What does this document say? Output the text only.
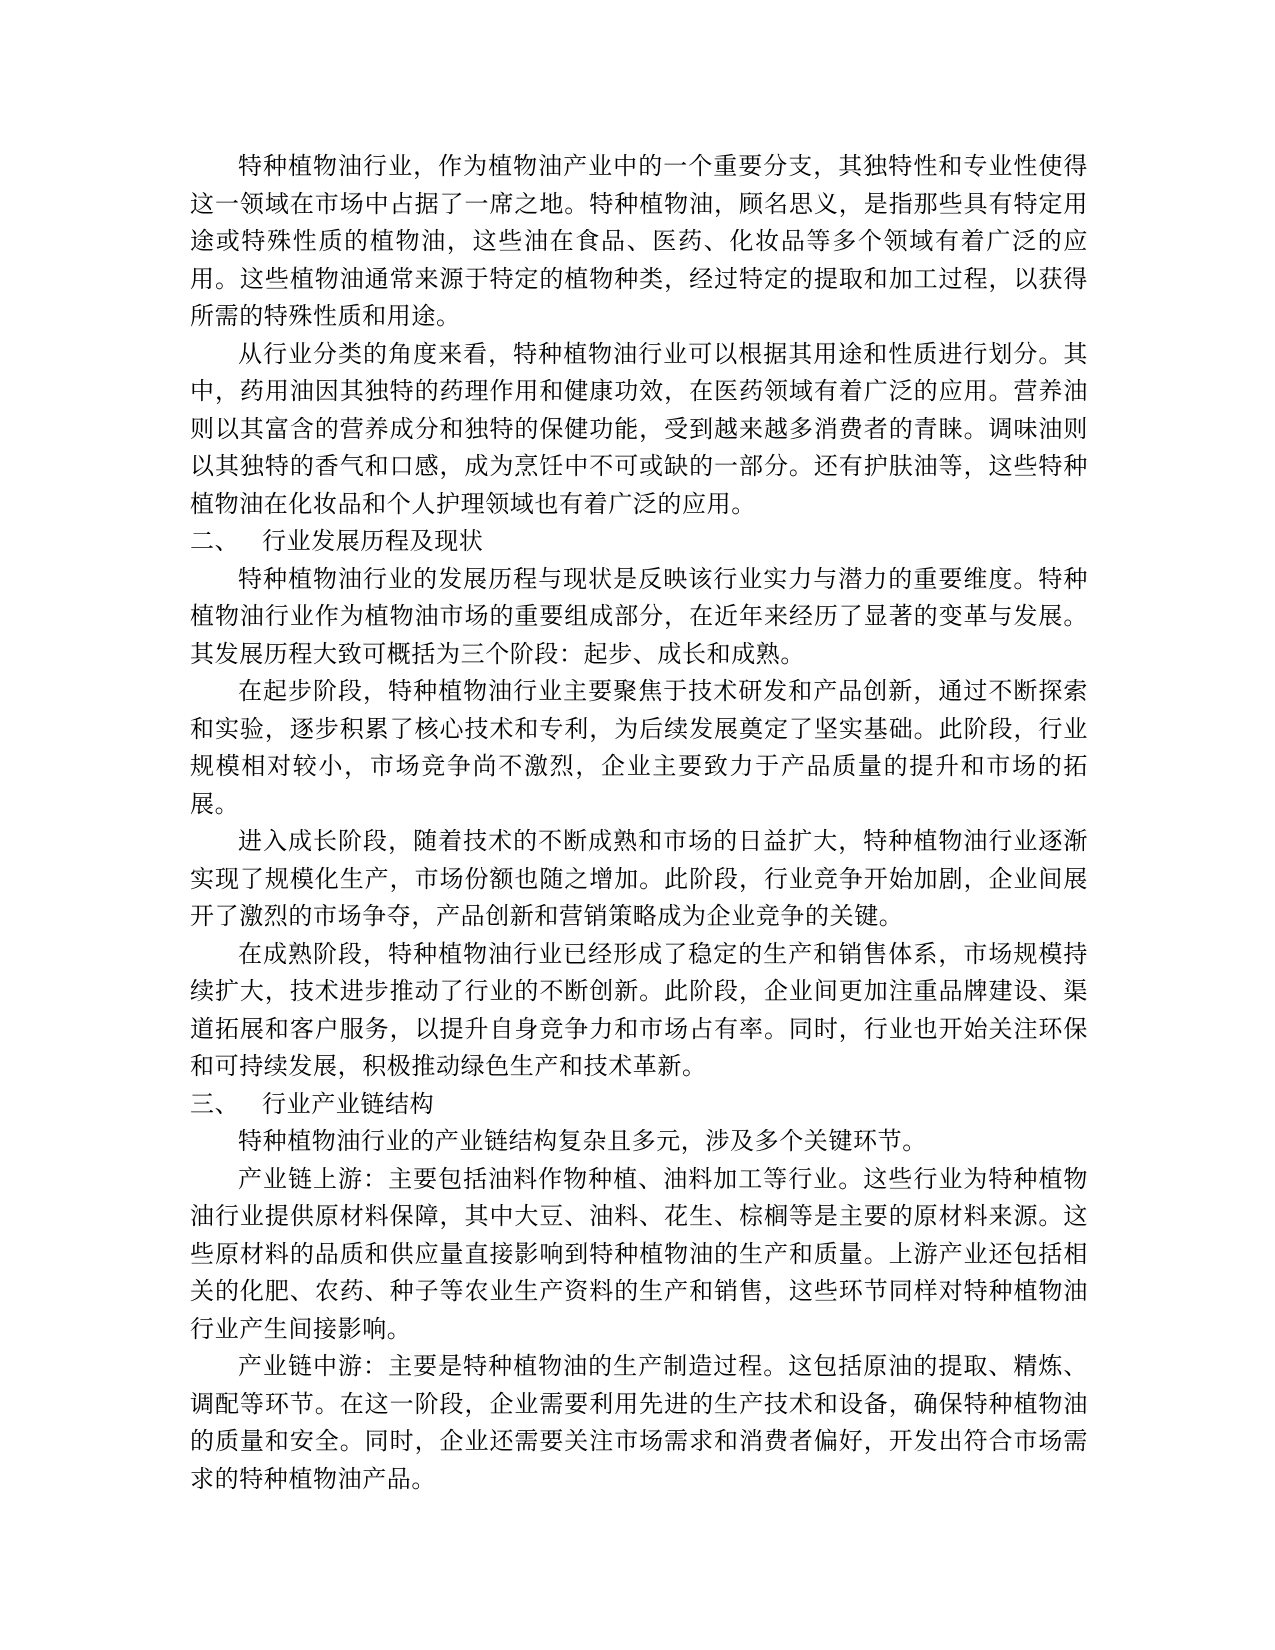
特种植物油行业，作为植物油产业中的一个重要分支，其独特性和专业性使得这一领域在市场中占据了一席之地。特种植物油，顾名思义，是指那些具有特定用途或特殊性质的植物油，这些油在食品、医药、化妆品等多个领域有着广泛的应用。这些植物油通常来源于特定的植物种类，经过特定的提取和加工过程，以获得所需的特殊性质和用途。

从行业分类的角度来看，特种植物油行业可以根据其用途和性质进行划分。其中，药用油因其独特的药理作用和健康功效，在医药领域有着广泛的应用。营养油则以其富含的营养成分和独特的保健功能，受到越来越多消费者的青睐。调味油则以其独特的香气和口感，成为烹饪中不可或缺的一部分。还有护肤油等，这些特种植物油在化妆品和个人护理领域也有着广泛的应用。

二、 行业发展历程及现状

特种植物油行业的发展历程与现状是反映该行业实力与潜力的重要维度。特种植物油行业作为植物油市场的重要组成部分，在近年来经历了显著的变革与发展。其发展历程大致可概括为三个阶段：起步、成长和成熟。

在起步阶段，特种植物油行业主要聚焦于技术研发和产品创新，通过不断探索和实验，逐步积累了核心技术和专利，为后续发展奠定了坚实基础。此阶段，行业规模相对较小，市场竞争尚不激烈，企业主要致力于产品质量的提升和市场的拓展。

进入成长阶段，随着技术的不断成熟和市场的日益扩大，特种植物油行业逐渐实现了规模化生产，市场份额也随之增加。此阶段，行业竞争开始加剧，企业间展开了激烈的市场争夺，产品创新和营销策略成为企业竞争的关键。

在成熟阶段，特种植物油行业已经形成了稳定的生产和销售体系，市场规模持续扩大，技术进步推动了行业的不断创新。此阶段，企业间更加注重品牌建设、渠道拓展和客户服务，以提升自身竞争力和市场占有率。同时，行业也开始关注环保和可持续发展，积极推动绿色生产和技术革新。

三、 行业产业链结构

特种植物油行业的产业链结构复杂且多元，涉及多个关键环节。

产业链上游：主要包括油料作物种植、油料加工等行业。这些行业为特种植物油行业提供原材料保障，其中大豆、油料、花生、棕榈等是主要的原材料来源。这些原材料的品质和供应量直接影响到特种植物油的生产和质量。上游产业还包括相关的化肥、农药、种子等农业生产资料的生产和销售，这些环节同样对特种植物油行业产生间接影响。

产业链中游：主要是特种植物油的生产制造过程。这包括原油的提取、精炼、调配等环节。在这一阶段，企业需要利用先进的生产技术和设备，确保特种植物油的质量和安全。同时，企业还需要关注市场需求和消费者偏好，开发出符合市场需求的特种植物油产品。
